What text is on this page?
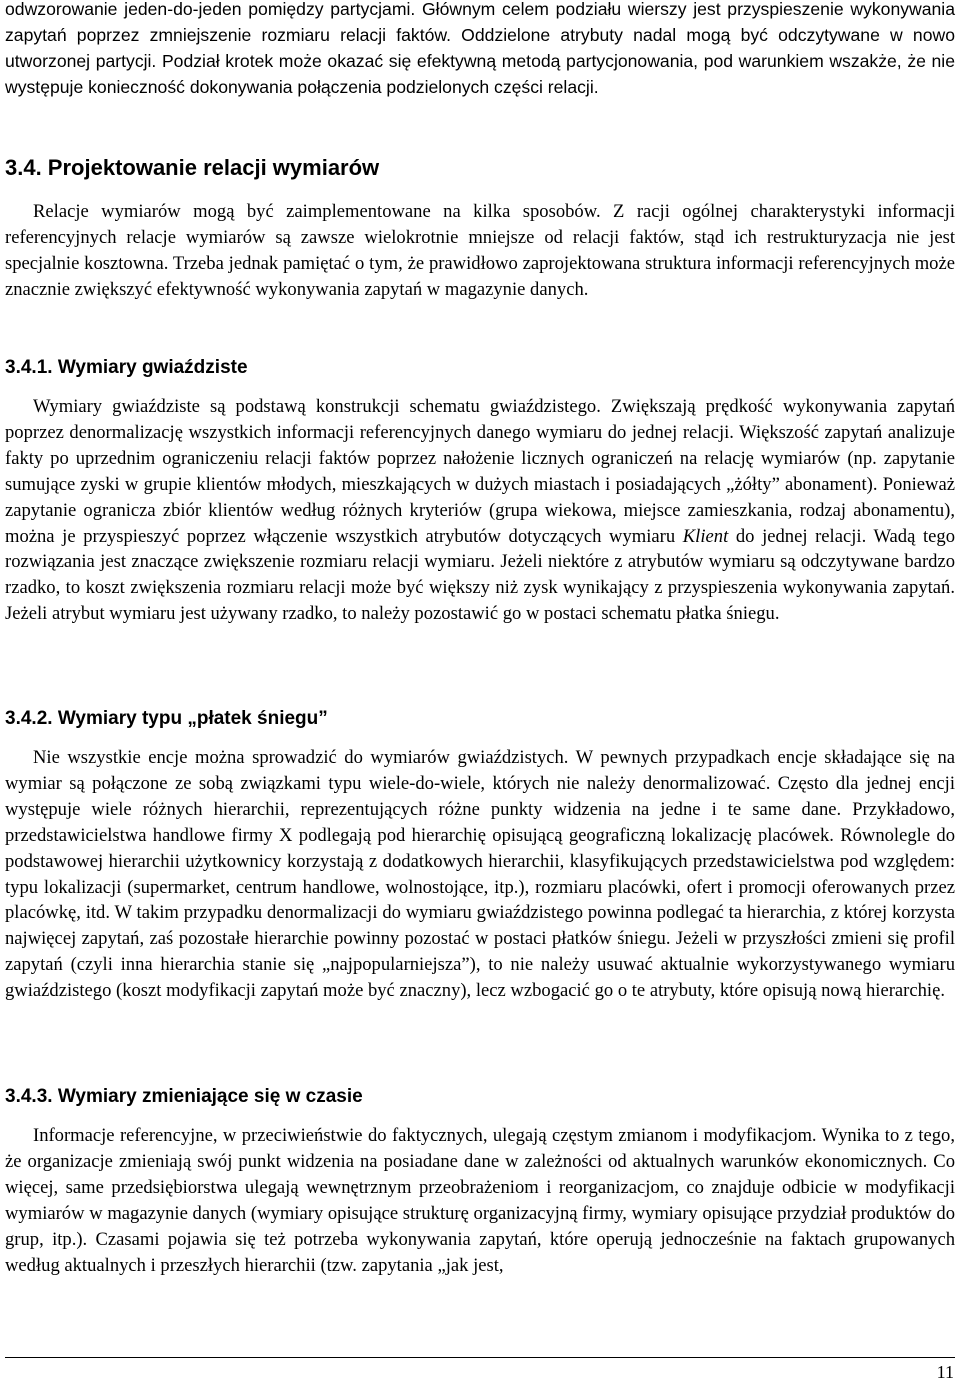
odwzorowanie jeden-do-jeden pomiędzy partycjami. Głównym celem podziału wierszy jest przyspieszenie wykonywania zapytań poprzez zmniejszenie rozmiaru relacji faktów. Oddzielone atrybuty nadal mogą być odczytywane w nowo utworzonej partycji. Podział krotek może okazać się efektywną metodą partycjonowania, pod warunkiem wszakże, że nie występuje konieczność dokonywania połączenia podzielonych części relacji.

3.4. Projektowanie relacji wymiarów

Relacje wymiarów mogą być zaimplementowane na kilka sposobów. Z racji ogólnej charakterystyki informacji referencyjnych relacje wymiarów są zawsze wielokrotnie mniejsze od relacji faktów, stąd ich restrukturyzacja nie jest specjalnie kosztowna. Trzeba jednak pamiętać o tym, że prawidłowo zaprojektowana struktura informacji referencyjnych może znacznie zwiększyć efektywność wykonywania zapytań w magazynie danych.

3.4.1. Wymiary gwiaździste

Wymiary gwiaździste są podstawą konstrukcji schematu gwiaździstego. Zwiększają prędkość wykonywania zapytań poprzez denormalizację wszystkich informacji referencyjnych danego wymiaru do jednej relacji. Większość zapytań analizuje fakty po uprzednim ograniczeniu relacji faktów poprzez nałożenie licznych ograniczeń na relację wymiarów (np. zapytanie sumujące zyski w grupie klientów młodych, mieszkających w dużych miastach i posiadających „żółty” abonament). Ponieważ zapytanie ogranicza zbiór klientów według różnych kryteriów (grupa wiekowa, miejsce zamieszkania, rodzaj abonamentu), można je przyspieszyć poprzez włączenie wszystkich atrybutów dotyczących wymiaru Klient do jednej relacji. Wadą tego rozwiązania jest znaczące zwiększenie rozmiaru relacji wymiaru. Jeżeli niektóre z atrybutów wymiaru są odczytywane bardzo rzadko, to koszt zwiększenia rozmiaru relacji może być większy niż zysk wynikający z przyspieszenia wykonywania zapytań. Jeżeli atrybut wymiaru jest używany rzadko, to należy pozostawić go w postaci schematu płatka śniegu.

3.4.2. Wymiary typu „płatek śniegu”

Nie wszystkie encje można sprowadzić do wymiarów gwiaździstych. W pewnych przypadkach encje składające się na wymiar są połączone ze sobą związkami typu wiele-do-wiele, których nie należy denormalizować. Często dla jednej encji występuje wiele różnych hierarchii, reprezentujących różne punkty widzenia na jedne i te same dane. Przykładowo, przedstawicielstwa handlowe firmy X podlegają pod hierarchię opisującą geograficzną lokalizację placówek. Równolegle do podstawowej hierarchii użytkownicy korzystają z dodatkowych hierarchii, klasyfikujących przedstawicielstwa pod względem: typu lokalizacji (supermarket, centrum handlowe, wolnostojące, itp.), rozmiaru placówki, ofert i promocji oferowanych przez placówkę, itd. W takim przypadku denormalizacji do wymiaru gwiaździstego powinna podlegać ta hierarchia, z której korzysta najwięcej zapytań, zaś pozostałe hierarchie powinny pozostać w postaci płatków śniegu. Jeżeli w przyszłości zmieni się profil zapytań (czyli inna hierarchia stanie się „najpopularniejsza”), to nie należy usuwać aktualnie wykorzystywanego wymiaru gwiaździstego (koszt modyfikacji zapytań może być znaczny), lecz wzbogacić go o te atrybuty, które opisują nową hierarchię.

3.4.3. Wymiary zmieniające się w czasie

Informacje referencyjne, w przeciwieństwie do faktycznych, ulegają częstym zmianom i modyfikacjom. Wynika to z tego, że organizacje zmieniają swój punkt widzenia na posiadane dane w zależności od aktualnych warunków ekonomicznych. Co więcej, same przedsiębiorstwa ulegają wewnętrznym przeobrażeniom i reorganizacjom, co znajduje odbicie w modyfikacji wymiarów w magazynie danych (wymiary opisujące strukturę organizacyjną firmy, wymiary opisujące przydział produktów do grup, itp.). Czasami pojawia się też potrzeba wykonywania zapytań, które operują jednocześnie na faktach grupowanych według aktualnych i przeszłych hierarchii (tzw. zapytania „jak jest,

11
